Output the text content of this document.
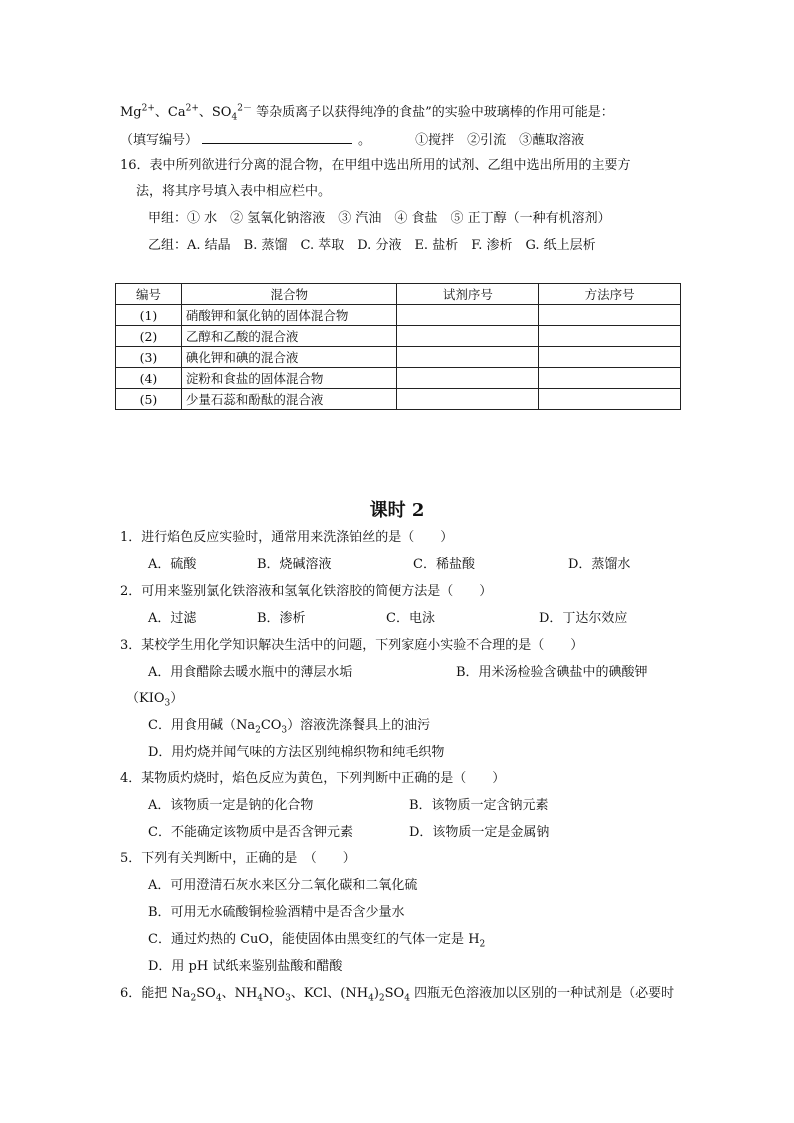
$Mg^{2+}$、$Ca^{2+}$、$SO_4^{2-}$ 等杂质离子以获得纯净的食盐”的实验中玻璃棒的作用可能是：
（填写编号）	。	①搅拌　②引流　③蘸取溶液
16．表中所列欲进行分离的混合物，在甲组中选出所用的试剂、乙组中选出所用的主要方
法，将其序号填入表中相应栏中。
甲组：① 水　② 氢氧化钠溶液　③ 汽油　④ 食盐　⑤ 正丁醇（一种有机溶剂）
乙组：A. 结晶　B. 蒸馏　C. 萃取　D. 分液　E. 盐析　F. 渗析　G. 纸上层析
编号	混合物	试剂序号	方法序号
(1)	硝酸钾和氯化钠的固体混合物		
(2)	乙醇和乙酸的混合液		
(3)	碘化钾和碘的混合液		
(4)	淀粉和食盐的固体混合物		
(5)	少量石蕊和酚酞的混合液		
课时 2
1．进行焰色反应实验时，通常用来洗涤铂丝的是（　　）
A．硫酸	B．烧碱溶液	C．稀盐酸	D．蒸馏水
2．可用来鉴别氯化铁溶液和氢氧化铁溶胶的简便方法是（　　）
A．过滤	B．渗析	C．电泳	D．丁达尔效应
3．某校学生用化学知识解决生活中的问题，下列家庭小实验不合理的是（　　）
A．用食醋除去暖水瓶中的薄层水垢	B．用米汤检验含碘盐中的碘酸钾
$(KIO_3)$
C．用食用碱$(Na_2CO_3)$溶液洗涤餐具上的油污
D．用灼烧并闻气味的方法区别纯棉织物和纯毛织物
4．某物质灼烧时，焰色反应为黄色，下列判断中正确的是（　　）
A．该物质一定是钠的化合物	B．该物质一定含钠元素
C．不能确定该物质中是否含钾元素	D．该物质一定是金属钠
5．下列有关判断中，正确的是　（　　）
A．可用澄清石灰水来区分二氧化碳和二氧化硫
B．可用无水硫酸铜检验酒精中是否含少量水
C．通过灼热的 CuO，能使固体由黑变红的气体一定是 $H_2$
D．用 pH 试纸来鉴别盐酸和醋酸
6．能把 $Na_2SO_4$、$NH_4NO_3$、KCl、$(NH_4)_2SO_4$ 四瓶无色溶液加以区别的一种试剂是（必要时
